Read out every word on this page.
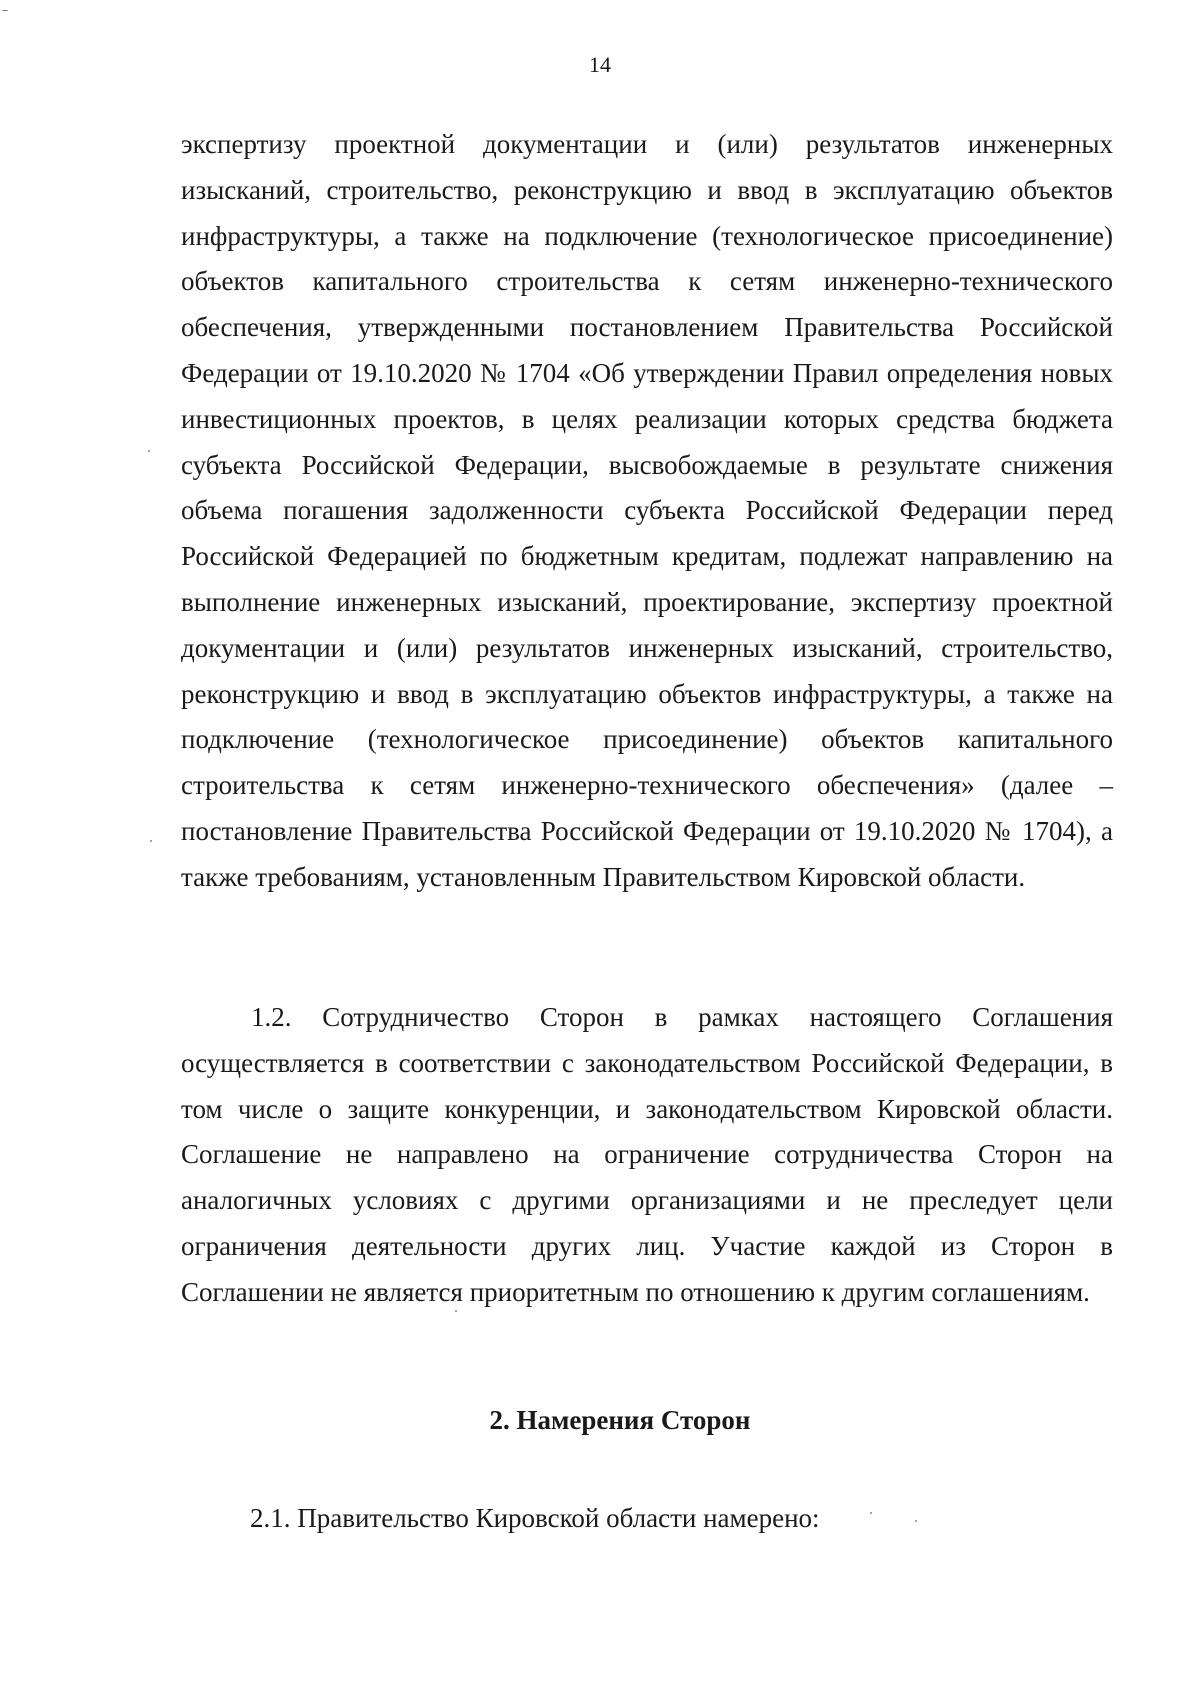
14

экспертизу проектной документации и (или) результатов инженерных изысканий, строительство, реконструкцию и ввод в эксплуатацию объектов инфраструктуры, а также на подключение (технологическое присоединение) объектов капитального строительства к сетям инженерно-технического обеспечения, утвержденными постановлением Правительства Российской Федерации от 19.10.2020 № 1704 «Об утверждении Правил определения новых инвестиционных проектов, в целях реализации которых средства бюджета субъекта Российской Федерации, высвобождаемые в результате снижения объема погашения задолженности субъекта Российской Федерации перед Российской Федерацией по бюджетным кредитам, подлежат направлению на выполнение инженерных изысканий, проектирование, экспертизу проектной документации и (или) результатов инженерных изысканий, строительство, реконструкцию и ввод в эксплуатацию объектов инфраструктуры, а также на подключение (технологическое присоединение) объектов капитального строительства к сетям инженерно-технического обеспечения» (далее – постановление Правительства Российской Федерации от 19.10.2020 № 1704), а также требованиям, установленным Правительством Кировской области.

1.2. Сотрудничество Сторон в рамках настоящего Соглашения осуществляется в соответствии с законодательством Российской Федерации, в том числе о защите конкуренции, и законодательством Кировской области. Соглашение не направлено на ограничение сотрудничества Сторон на аналогичных условиях с другими организациями и не преследует цели ограничения деятельности других лиц. Участие каждой из Сторон в Соглашении не является приоритетным по отношению к другим соглашениям.

2. Намерения Сторон
2.1. Правительство Кировской области намерено:
